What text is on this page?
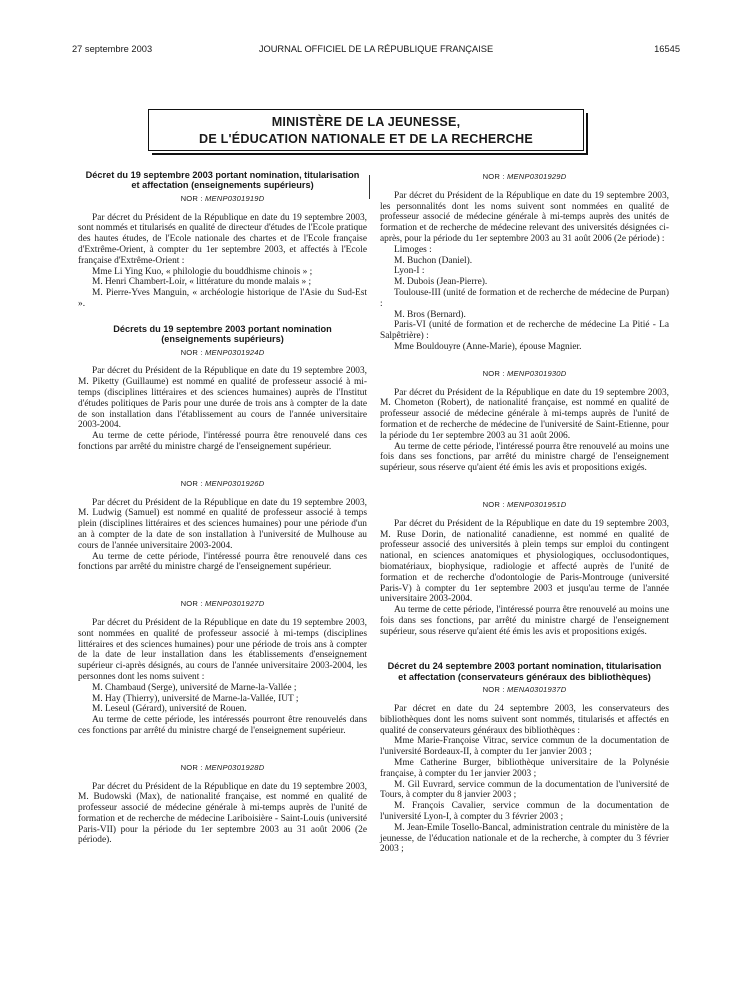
27 septembre 2003	JOURNAL OFFICIEL DE LA RÉPUBLIQUE FRANÇAISE	16545
MINISTÈRE DE LA JEUNESSE,
DE L'ÉDUCATION NATIONALE ET DE LA RECHERCHE
Décret du 19 septembre 2003 portant nomination, titularisation et affectation (enseignements supérieurs)
NOR : MENP0301919D

Par décret du Président de la République en date du 19 septembre 2003, sont nommés et titularisés en qualité de directeur d'études de l'Ecole pratique des hautes études, de l'Ecole nationale des chartes et de l'Ecole française d'Extrême-Orient, à compter du 1er septembre 2003, et affectés à l'Ecole française d'Extrême-Orient :

Mme Li Ying Kuo, « philologie du bouddhisme chinois » ;

M. Henri Chambert-Loir, « littérature du monde malais » ;

M. Pierre-Yves Manguin, « archéologie historique de l'Asie du Sud-Est ».

Décrets du 19 septembre 2003 portant nomination (enseignements supérieurs)
NOR : MENP0301924D

Par décret du Président de la République en date du 19 septembre 2003, M. Piketty (Guillaume) est nommé en qualité de professeur associé à mi-temps (disciplines littéraires et des sciences humaines) auprès de l'Institut d'études politiques de Paris pour une durée de trois ans à compter de la date de son installation dans l'établissement au cours de l'année universitaire 2003-2004.

Au terme de cette période, l'intéressé pourra être renouvelé dans ces fonctions par arrêté du ministre chargé de l'enseignement supérieur.

NOR : MENP0301926D

Par décret du Président de la République en date du 19 septembre 2003, M. Ludwig (Samuel) est nommé en qualité de professeur associé à temps plein (disciplines littéraires et des sciences humaines) pour une période d'un an à compter de la date de son installation à l'université de Mulhouse au cours de l'année universitaire 2003-2004.

Au terme de cette période, l'intéressé pourra être renouvelé dans ces fonctions par arrêté du ministre chargé de l'enseignement supérieur.

NOR : MENP0301927D

Par décret du Président de la République en date du 19 septembre 2003, sont nommées en qualité de professeur associé à mi-temps (disciplines littéraires et des sciences humaines) pour une période de trois ans à compter de la date de leur installation dans les établissements d'enseignement supérieur ci-après désignés, au cours de l'année universitaire 2003-2004, les personnes dont les noms suivent :

M. Chambaud (Serge), université de Marne-la-Vallée ;

M. Hay (Thierry), université de Marne-la-Vallée, IUT ;

M. Leseul (Gérard), université de Rouen.

Au terme de cette période, les intéressés pourront être renouvelés dans ces fonctions par arrêté du ministre chargé de l'enseignement supérieur.

NOR : MENP0301928D

Par décret du Président de la République en date du 19 septembre 2003, M. Budowski (Max), de nationalité française, est nommé en qualité de professeur associé de médecine générale à mi-temps auprès de l'unité de formation et de recherche de médecine Lariboisière - Saint-Louis (université Paris-VII) pour la période du 1er septembre 2003 au 31 août 2006 (2e période).

NOR : MENP0301929D

Par décret du Président de la République en date du 19 septembre 2003, les personnalités dont les noms suivent sont nommées en qualité de professeur associé de médecine générale à mi-temps auprès des unités de formation et de recherche de médecine relevant des universités désignées ci-après, pour la période du 1er septembre 2003 au 31 août 2006 (2e période) :

Limoges :

M. Buchon (Daniel).

Lyon-I :

M. Dubois (Jean-Pierre).

Toulouse-III (unité de formation et de recherche de médecine de Purpan) :

M. Bros (Bernard).

Paris-VI (unité de formation et de recherche de médecine La Pitié - La Salpêtrière) :

Mme Bouldouyre (Anne-Marie), épouse Magnier.

NOR : MENP0301930D

Par décret du Président de la République en date du 19 septembre 2003, M. Chometon (Robert), de nationalité française, est nommé en qualité de professeur associé de médecine générale à mi-temps auprès de l'unité de formation et de recherche de médecine de l'université de Saint-Etienne, pour la période du 1er septembre 2003 au 31 août 2006.

Au terme de cette période, l'intéressé pourra être renouvelé au moins une fois dans ses fonctions, par arrêté du ministre chargé de l'enseignement supérieur, sous réserve qu'aient été émis les avis et propositions exigés.

NOR : MENP0301951D

Par décret du Président de la République en date du 19 septembre 2003, M. Ruse Dorin, de nationalité canadienne, est nommé en qualité de professeur associé des universités à plein temps sur emploi du contingent national, en sciences anatomiques et physiologiques, occlusodontiques, biomatériaux, biophysique, radiologie et affecté auprès de l'unité de formation et de recherche d'odontologie de Paris-Montrouge (université Paris-V) à compter du 1er septembre 2003 et jusqu'au terme de l'année universitaire 2003-2004.

Au terme de cette période, l'intéressé pourra être renouvelé au moins une fois dans ses fonctions, par arrêté du ministre chargé de l'enseignement supérieur, sous réserve qu'aient été émis les avis et propositions exigés.

Décret du 24 septembre 2003 portant nomination, titularisation et affectation (conservateurs généraux des bibliothèques)
NOR : MENA0301937D

Par décret en date du 24 septembre 2003, les conservateurs des bibliothèques dont les noms suivent sont nommés, titularisés et affectés en qualité de conservateurs généraux des bibliothèques :

Mme Marie-Françoise Vitrac, service commun de la documentation de l'université Bordeaux-II, à compter du 1er janvier 2003 ;

Mme Catherine Burger, bibliothèque universitaire de la Polynésie française, à compter du 1er janvier 2003 ;

M. Gil Euvrard, service commun de la documentation de l'université de Tours, à compter du 8 janvier 2003 ;

M. François Cavalier, service commun de la documentation de l'université Lyon-I, à compter du 3 février 2003 ;

M. Jean-Emile Tosello-Bancal, administration centrale du ministère de la jeunesse, de l'éducation nationale et de la recherche, à compter du 3 février 2003 ;
